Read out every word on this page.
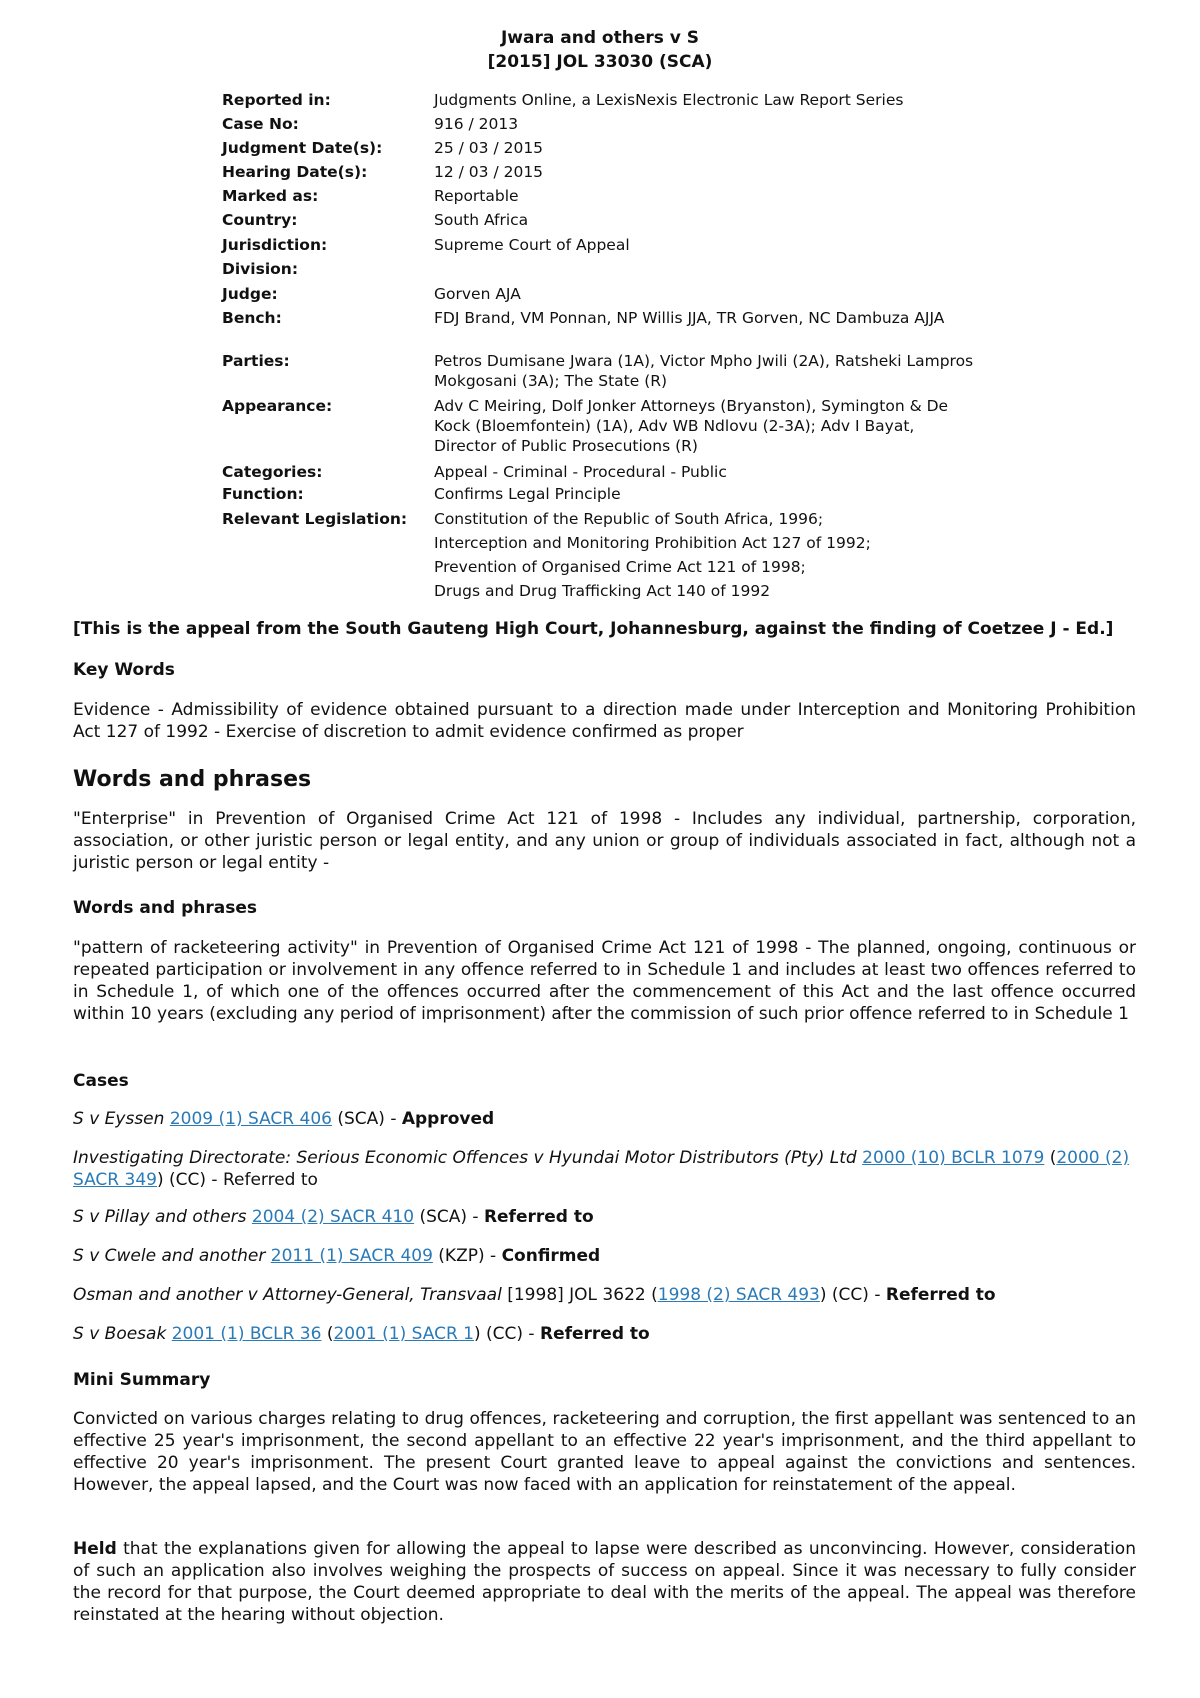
Jwara and others v S
[2015] JOL 33030 (SCA)
Reported in:	Judgments Online, a LexisNexis Electronic Law Report Series
Case No:	916 / 2013
Judgment Date(s):	25 / 03 / 2015
Hearing Date(s):	12 / 03 / 2015
Marked as:	Reportable
Country:	South Africa
Jurisdiction:	Supreme Court of Appeal
Division:
Judge:	Gorven AJA
Bench:	FDJ Brand, VM Ponnan, NP Willis JJA, TR Gorven, NC Dambuza AJJA
Parties:	Petros Dumisane Jwara (1A), Victor Mpho Jwili (2A), Ratsheki Lampros Mokgosani (3A); The State (R)
Appearance:	Adv C Meiring, Dolf Jonker Attorneys (Bryanston), Symington & De Kock (Bloemfontein) (1A), Adv WB Ndlovu (2-3A); Adv I Bayat, Director of Public Prosecutions (R)
Categories:	Appeal - Criminal - Procedural - Public
Function:	Confirms Legal Principle
Relevant Legislation: Constitution of the Republic of South Africa, 1996;
Interception and Monitoring Prohibition Act 127 of 1992;
Prevention of Organised Crime Act 121 of 1998;
Drugs and Drug Trafficking Act 140 of 1992
[This is the appeal from the South Gauteng High Court, Johannesburg, against the finding of Coetzee J - Ed.]
Key Words
Evidence - Admissibility of evidence obtained pursuant to a direction made under Interception and Monitoring Prohibition Act 127 of 1992 - Exercise of discretion to admit evidence confirmed as proper
Words and phrases
"Enterprise" in Prevention of Organised Crime Act 121 of 1998 - Includes any individual, partnership, corporation, association, or other juristic person or legal entity, and any union or group of individuals associated in fact, although not a juristic person or legal entity -
Words and phrases
"pattern of racketeering activity" in Prevention of Organised Crime Act 121 of 1998 - The planned, ongoing, continuous or repeated participation or involvement in any offence referred to in Schedule 1 and includes at least two offences referred to in Schedule 1, of which one of the offences occurred after the commencement of this Act and the last offence occurred within 10 years (excluding any period of imprisonment) after the commission of such prior offence referred to in Schedule 1
Cases
S v Eyssen 2009 (1) SACR 406 (SCA) - Approved
Investigating Directorate: Serious Economic Offences v Hyundai Motor Distributors (Pty) Ltd 2000 (10) BCLR 1079 (2000 (2) SACR 349) (CC) - Referred to
S v Pillay and others 2004 (2) SACR 410 (SCA) - Referred to
S v Cwele and another 2011 (1) SACR 409 (KZP) - Confirmed
Osman and another v Attorney-General, Transvaal [1998] JOL 3622 (1998 (2) SACR 493) (CC) - Referred to
S v Boesak 2001 (1) BCLR 36 (2001 (1) SACR 1) (CC) - Referred to
Mini Summary
Convicted on various charges relating to drug offences, racketeering and corruption, the first appellant was sentenced to an effective 25 year's imprisonment, the second appellant to an effective 22 year's imprisonment, and the third appellant to effective 20 year's imprisonment. The present Court granted leave to appeal against the convictions and sentences. However, the appeal lapsed, and the Court was now faced with an application for reinstatement of the appeal.
Held that the explanations given for allowing the appeal to lapse were described as unconvincing. However, consideration of such an application also involves weighing the prospects of success on appeal. Since it was necessary to fully consider the record for that purpose, the Court deemed appropriate to deal with the merits of the appeal. The appeal was therefore reinstated at the hearing without objection.
